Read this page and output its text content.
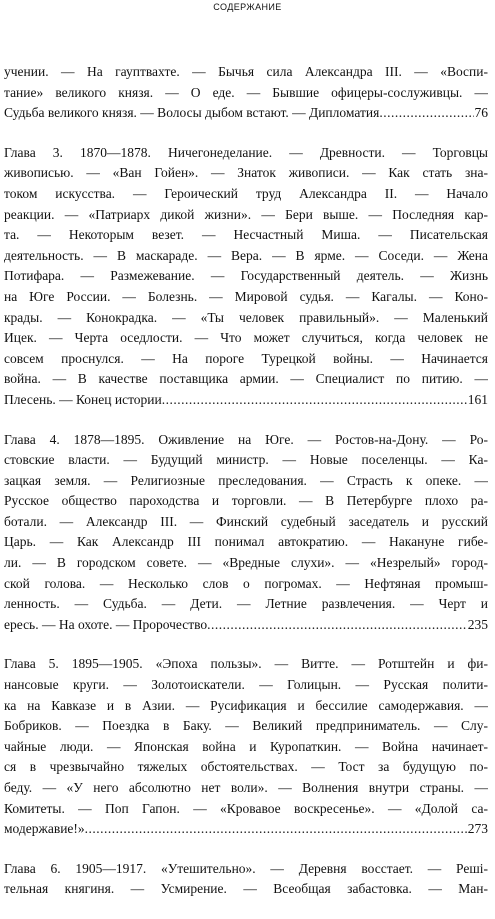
СОДЕРЖАНИЕ
учении. — На гауптвахте. — Бычья сила Александра III. — «Воспи-
тание» великого князя. — О еде. — Бывшие офицеры-сослуживцы. —
Судьба великого князя. — Волосы дыбом встают. — Дипломатия .....	76
Глава 3. 1870—1878. Ничегонеделание. — Древности. — Торговцы
живописью. — «Ван Гойен». — Знаток живописи. — Как стать зна-
током искусства. — Героический труд Александра II. — Начало
реакции. — «Патриарх дикой жизни». — Бери выше. — Последняя кар-
та. — Некоторым везет. — Несчастный Миша. — Писательская
деятельность. — В маскараде. — Вера. — В ярме. — Соседи. — Жена
Потифара. — Размежевание. — Государственный деятель. — Жизнь
на Юге России. — Болезнь. — Мировой судья. — Кагалы. — Коно-
крады. — Конокрадка. — «Ты человек правильный». — Маленький
Ицек. — Черта оседлости. — Что может случиться, когда человек не
совсем проснулся. — На пороге Турецкой войны. — Начинается
война. — В качестве поставщика армии. — Специалист по питию. —
Плесень. — Конец истории .....	161
Глава 4. 1878—1895. Оживление на Юге. — Ростов-на-Дону. — Ро-
стовские власти. — Будущий министр. — Новые поселенцы. — Ка-
зацкая земля. — Религиозные преследования. — Страсть к опеке. —
Русское общество пароходства и торговли. — В Петербурге плохо ра-
ботали. — Александр III. — Финский судебный заседатель и русский
Царь. — Как Александр III понимал автократию. — Накануне гибе-
ли. — В городском совете. — «Вредные слухи». — «Незрелый» город-
ской голова. — Несколько слов о погромах. — Нефтяная промыш-
ленность. — Судьба. — Дети. — Летние развлечения. — Черт и
ересь. — На охоте. — Пророчество .....	235
Глава 5. 1895—1905. «Эпоха пользы». — Витте. — Ротштейн и фи-
нансовые круги. — Золотоискатели. — Голицын. — Русская полити-
ка на Кавказе и в Азии. — Русификация и бессилие самодержавия. —
Бобриков. — Поездка в Баку. — Великий предприниматель. — Слу-
чайные люди. — Японская война и Куропаткин. — Война начинает-
ся в чрезвычайно тяжелых обстоятельствах. — Тост за будущую по-
беду. — «У него абсолютно нет воли». — Волнения внутри страны. —
Комитеты. — Поп Гапон. — «Кровавое воскресенье». — «Долой са-
модержавие!» .....	273
Глава 6. 1905—1917. «Утешительно». — Деревня восстает. — Решi-
тельная княгиня. — Усмирение. — Всеобщая забастовка. — Ман-
